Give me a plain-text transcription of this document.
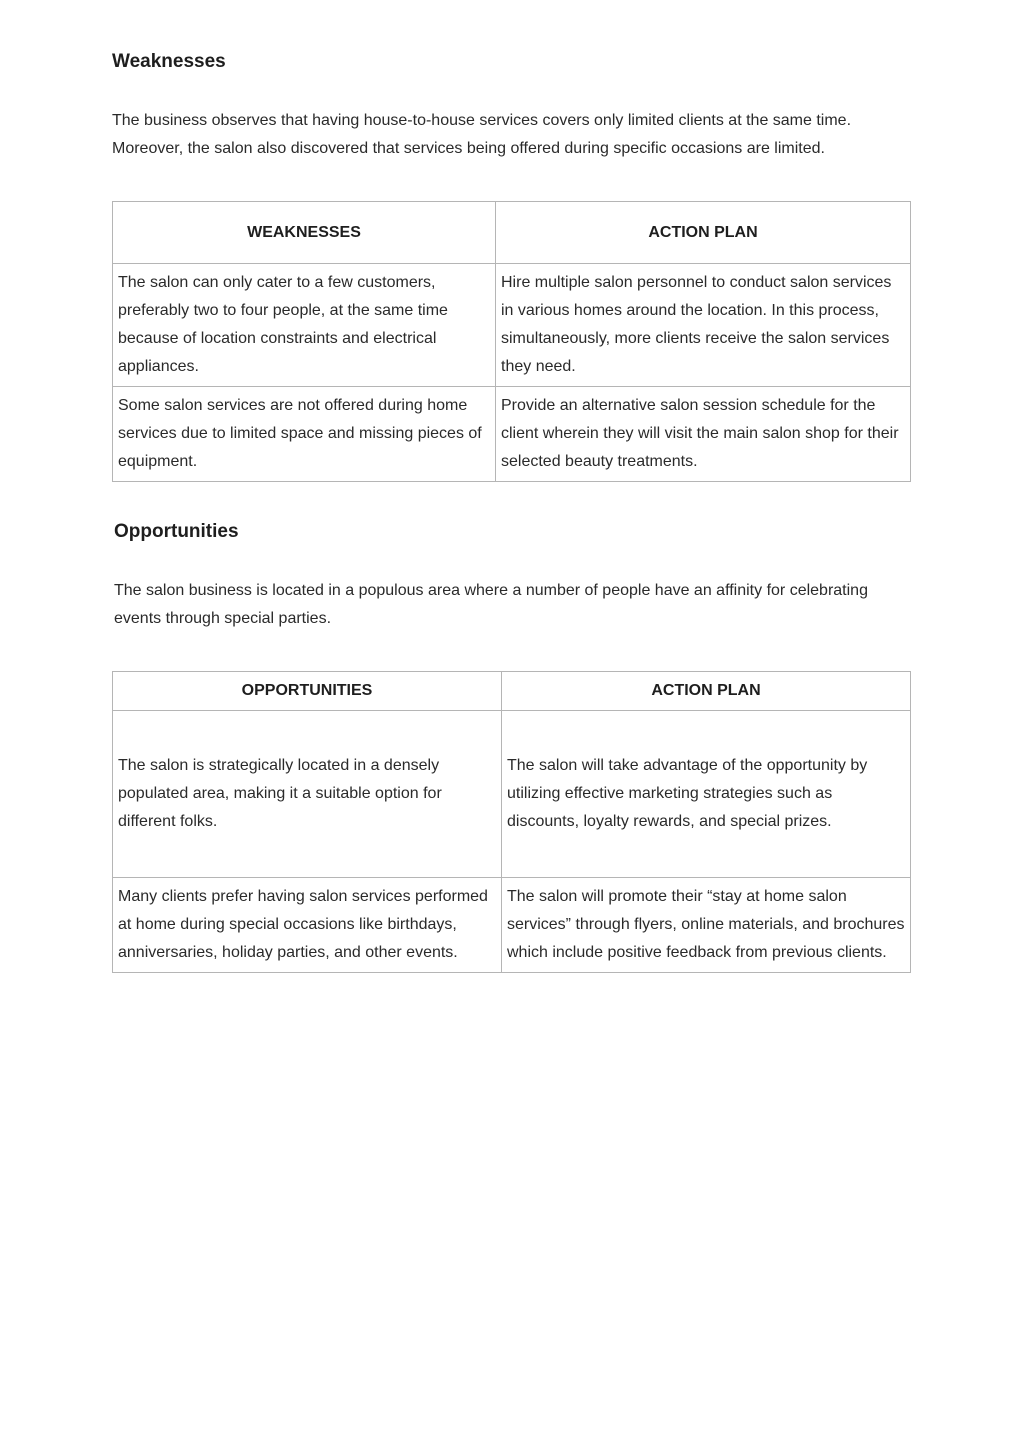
Weaknesses

The business observes that having house-to-house services covers only limited clients at the same time. Moreover, the salon also discovered that services being offered during specific occasions are limited.

WEAKNESSES	ACTION PLAN
The salon can only cater to a few customers, preferably two to four people, at the same time because of location constraints and electrical appliances.	Hire multiple salon personnel to conduct salon services in various homes around the location. In this process, simultaneously, more clients receive the salon services they need.
Some salon services are not offered during home services due to limited space and missing pieces of equipment.	Provide an alternative salon session schedule for the client wherein they will visit the main salon shop for their selected beauty treatments.
Opportunities

The salon business is located in a populous area where a number of people have an affinity for celebrating events through special parties.

OPPORTUNITIES	ACTION PLAN
The salon is strategically located in a densely populated area, making it a suitable option for different folks.	The salon will take advantage of the opportunity by utilizing effective marketing strategies such as discounts, loyalty rewards, and special prizes.
Many clients prefer having salon services performed at home during special occasions like birthdays, anniversaries, holiday parties, and other events.	The salon will promote their “stay at home salon services” through flyers, online materials, and brochures which include positive feedback from previous clients.
